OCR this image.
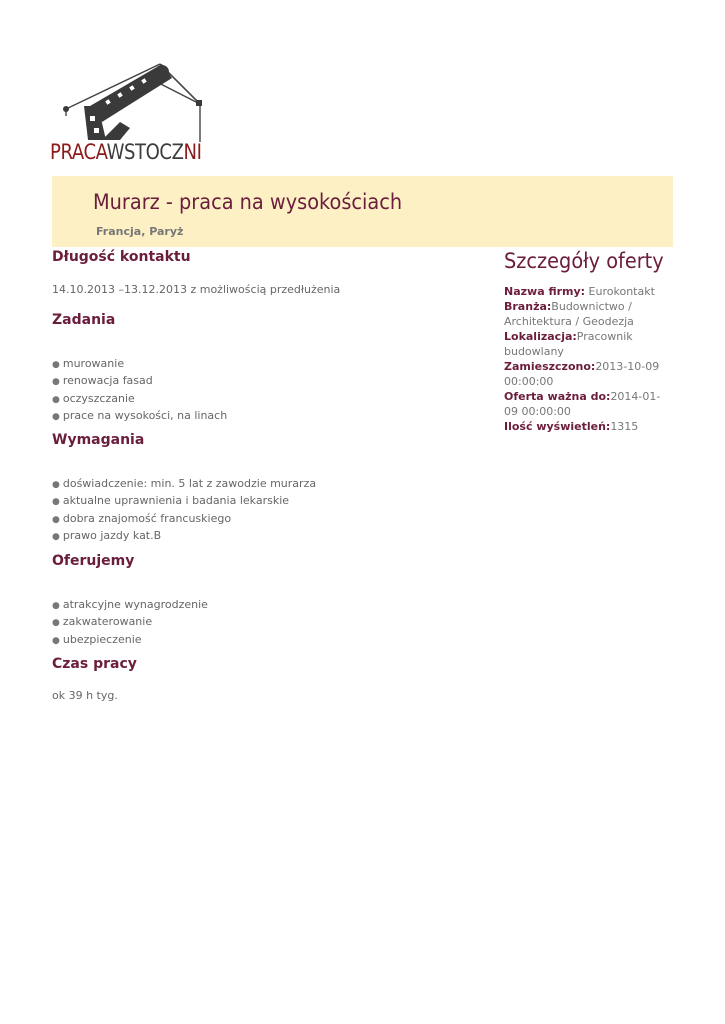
PRACAWSTOCZNI
Murarz - praca na wysokościach
Francja, Paryż
Długość kontaktu

14.10.2013 –13.12.2013 z możliwością przedłużenia

Zadania
● murowanie
● renowacja fasad
● oczyszczanie
● prace na wysokości, na linach
Wymagania
● doświadczenie: min. 5 lat z zawodzie murarza
● aktualne uprawnienia i badania lekarskie
● dobra znajomość francuskiego
● prawo jazdy kat.B
Oferujemy
● atrakcyjne wynagrodzenie
● zakwaterowanie
● ubezpieczenie
Czas pracy

ok 39 h tyg.

Szczegóły oferty

Nazwa firmy: Eurokontakt

Branża:Budownictwo / Architektura / Geodezja

Lokalizacja:Pracownik budowlany

Zamieszczono:2013-10-09 00:00:00

Oferta ważna do:2014-01-09 00:00:00

Ilość wyświetleń:1315
